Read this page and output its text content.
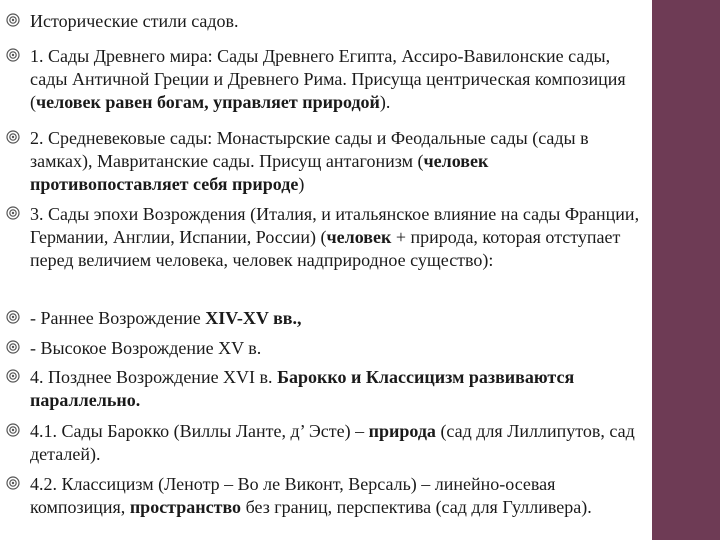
Исторические стили садов.
1. Сады Древнего мира: Сады Древнего Египта, Ассиро-Вавилонские сады, сады Античной Греции и Древнего Рима. Присуща центрическая композиция (человек равен богам, управляет природой).
2. Средневековые сады: Монастырские сады и Феодальные сады (сады в замках), Мавританские сады. Присущ антагонизм (человек противопоставляет себя природе)
3. Сады эпохи Возрождения (Италия, и итальянское влияние на сады Франции, Германии, Англии, Испании, России) (человек + природа, которая отступает перед величием человека, человек надприродное существо):
- Раннее Возрождение XIV-XV вв.,
- Высокое Возрождение XV в.
4. Позднее Возрождение XVI в. Барокко и Классицизм развиваются параллельно.
4.1. Сады Барокко (Виллы Ланте, д’ Эсте) – природа (сад для Лиллипутов, сад деталей).
4.2. Классицизм (Ленотр – Во ле Виконт, Версаль) – линейно-осевая композиция, пространство без границ, перспектива (сад для Гулливера).
